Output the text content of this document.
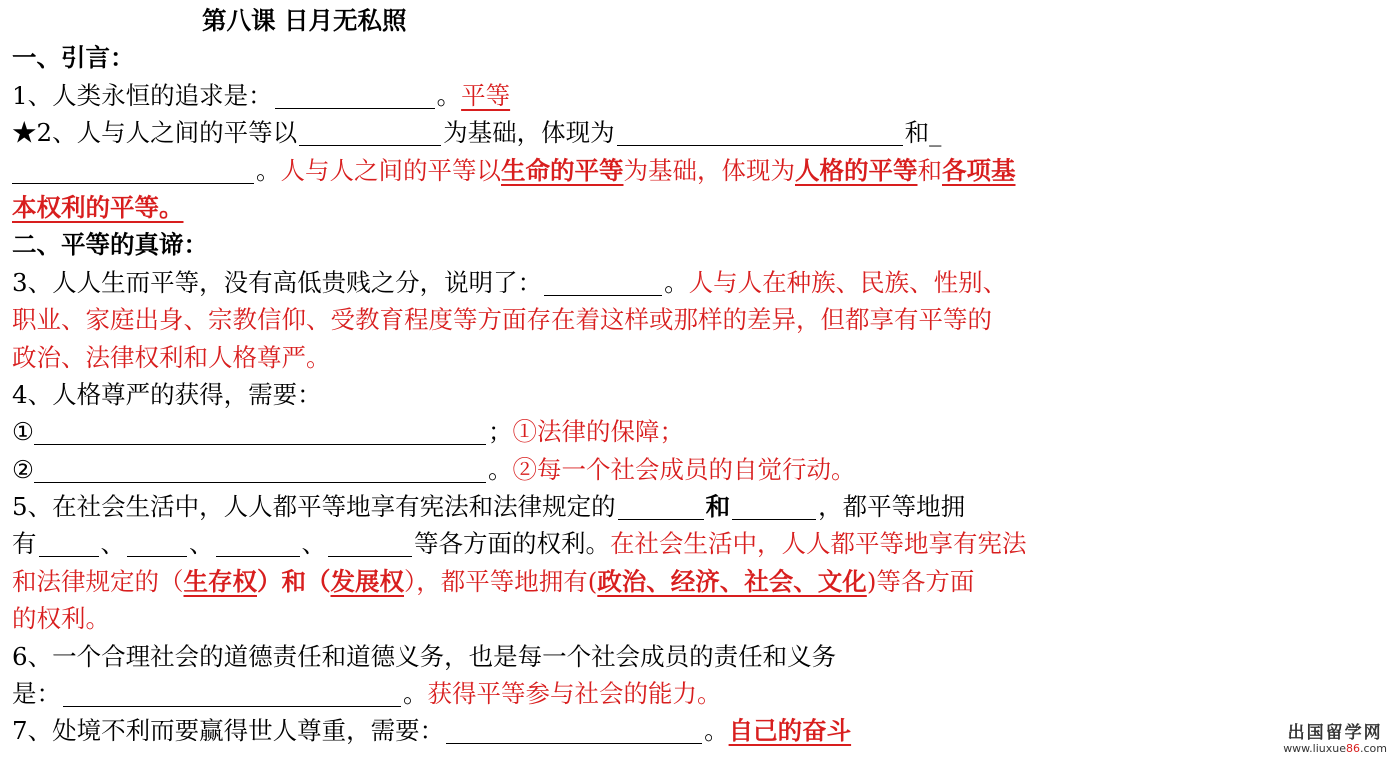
第八课 日月无私照
一、引言：
1、人类永恒的追求是：	。平等
★2、人与人之间的平等以	为基础，体现为	和_
。人与人之间的平等以生命的平等为基础，体现为人格的平等和各项基
本权利的平等。
二、平等的真谛：
3、人人生而平等，没有高低贵贱之分，说明了：	。人与人在种族、民族、性别、
职业、家庭出身、宗教信仰、受教育程度等方面存在着这样或那样的差异，但都享有平等的
政治、法律权利和人格尊严。
4、人格尊严的获得，需要：
①	；①法律的保障；
②	。②每一个社会成员的自觉行动。
5、在社会生活中，人人都平等地享有宪法和法律规定的	和	，都平等地拥
有	、	、	、	等各方面的权利。在社会生活中，人人都平等地享有宪法
和法律规定的（生存权）和（发展权），都平等地拥有(政治、经济、社会、文化)等各方面
的权利。
6、一个合理社会的道德责任和道德义务，也是每一个社会成员的责任和义务
是：	。获得平等参与社会的能力。
7、处境不利而要赢得世人尊重，需要：	。自己的奋斗	出国留学网
www.liuxue86.com
